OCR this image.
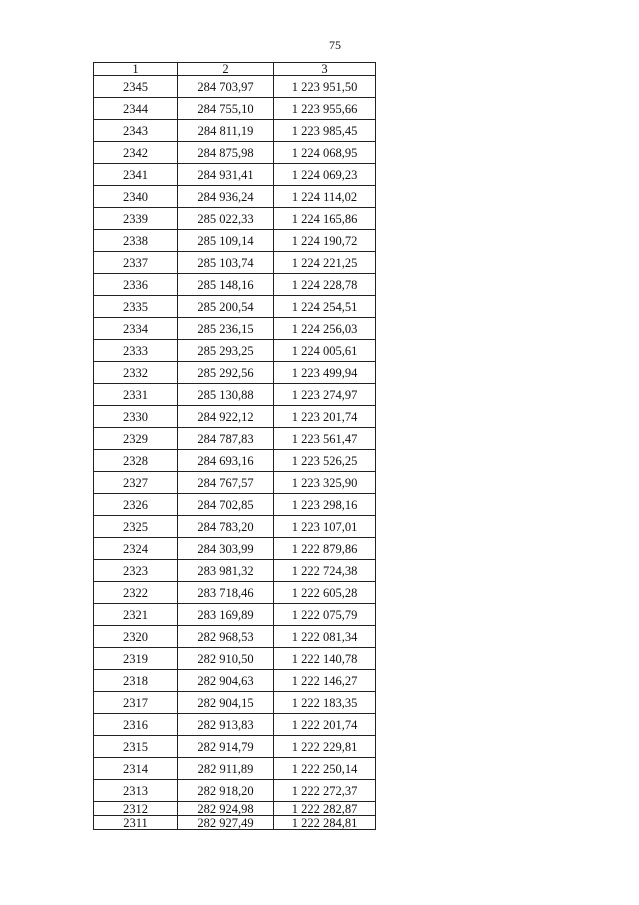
75
1	2	3
2345	284 703,97	1 223 951,50
2344	284 755,10	1 223 955,66
2343	284 811,19	1 223 985,45
2342	284 875,98	1 224 068,95
2341	284 931,41	1 224 069,23
2340	284 936,24	1 224 114,02
2339	285 022,33	1 224 165,86
2338	285 109,14	1 224 190,72
2337	285 103,74	1 224 221,25
2336	285 148,16	1 224 228,78
2335	285 200,54	1 224 254,51
2334	285 236,15	1 224 256,03
2333	285 293,25	1 224 005,61
2332	285 292,56	1 223 499,94
2331	285 130,88	1 223 274,97
2330	284 922,12	1 223 201,74
2329	284 787,83	1 223 561,47
2328	284 693,16	1 223 526,25
2327	284 767,57	1 223 325,90
2326	284 702,85	1 223 298,16
2325	284 783,20	1 223 107,01
2324	284 303,99	1 222 879,86
2323	283 981,32	1 222 724,38
2322	283 718,46	1 222 605,28
2321	283 169,89	1 222 075,79
2320	282 968,53	1 222 081,34
2319	282 910,50	1 222 140,78
2318	282 904,63	1 222 146,27
2317	282 904,15	1 222 183,35
2316	282 913,83	1 222 201,74
2315	282 914,79	1 222 229,81
2314	282 911,89	1 222 250,14
2313	282 918,20	1 222 272,37
2312	282 924,98	1 222 282,87
2311	282 927,49	1 222 284,81
